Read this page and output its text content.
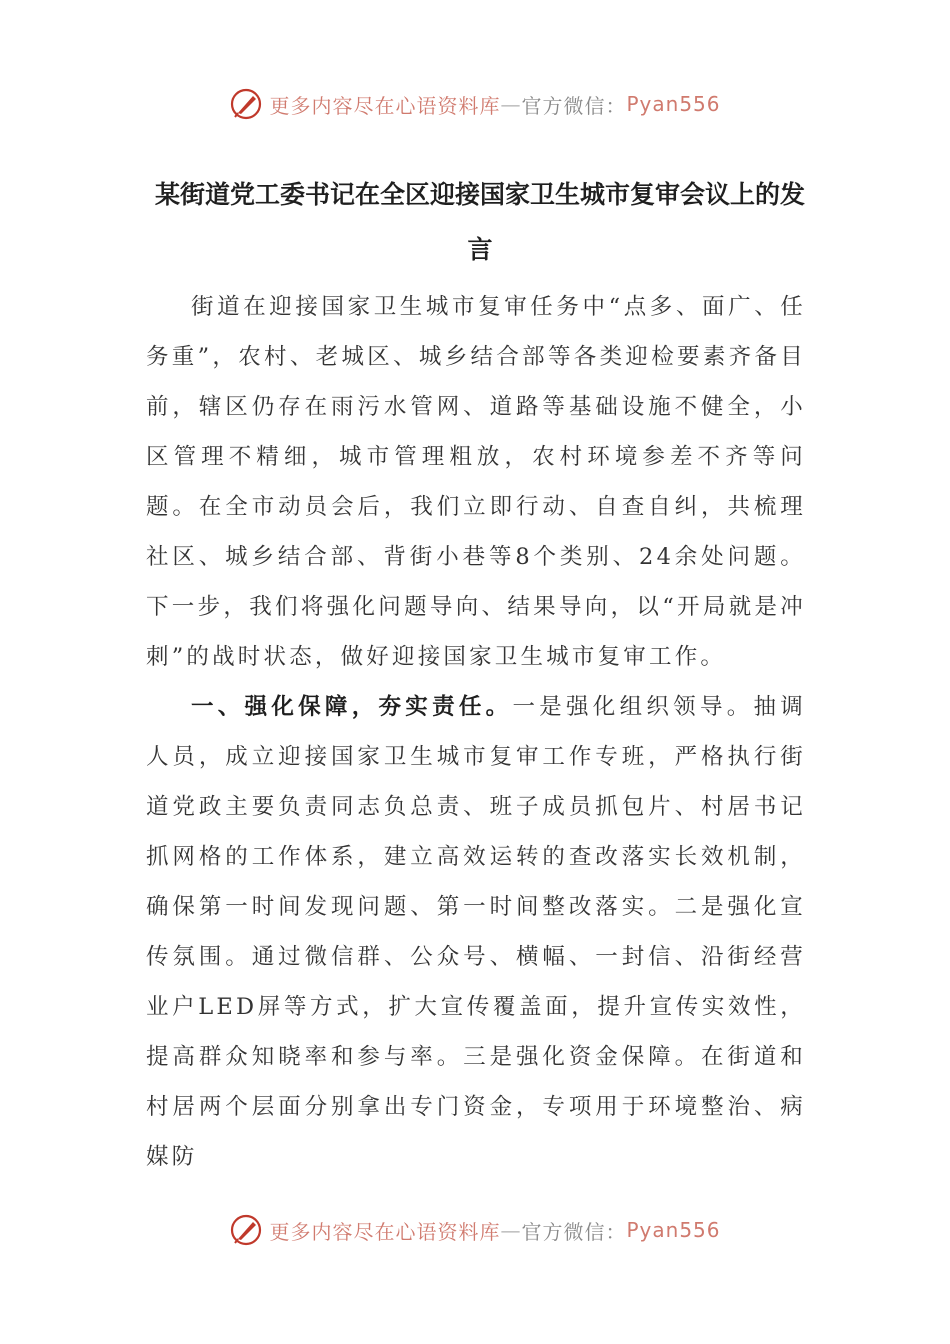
更多内容尽在心语资料库 — 官方微信： Pyan556
某街道党工委书记在全区迎接国家卫生城市复审会议上的发言

街道在迎接国家卫生城市复审任务中“点多、面广、任务重”，农村、老城区、城乡结合部等各类迎检要素齐备目前，辖区仍存在雨污水管网、道路等基础设施不健全，小区管理不精细，城市管理粗放，农村环境参差不齐等问题。在全市动员会后，我们立即行动、自查自纠，共梳理社区、城乡结合部、背街小巷等8个类别、24余处问题。下一步，我们将强化问题导向、结果导向，以“开局就是冲刺”的战时状态，做好迎接国家卫生城市复审工作。

一、强化保障，夯实责任。一是强化组织领导。抽调人员，成立迎接国家卫生城市复审工作专班，严格执行街道党政主要负责同志负总责、班子成员抓包片、村居书记抓网格的工作体系，建立高效运转的查改落实长效机制，确保第一时间发现问题、第一时间整改落实。二是强化宣传氛围。通过微信群、公众号、横幅、一封信、沿街经营业户LED屏等方式，扩大宣传覆盖面，提升宣传实效性，提高群众知晓率和参与率。三是强化资金保障。在街道和村居两个层面分别拿出专门资金，专项用于环境整治、病媒防

更多内容尽在心语资料库 — 官方微信： Pyan556
